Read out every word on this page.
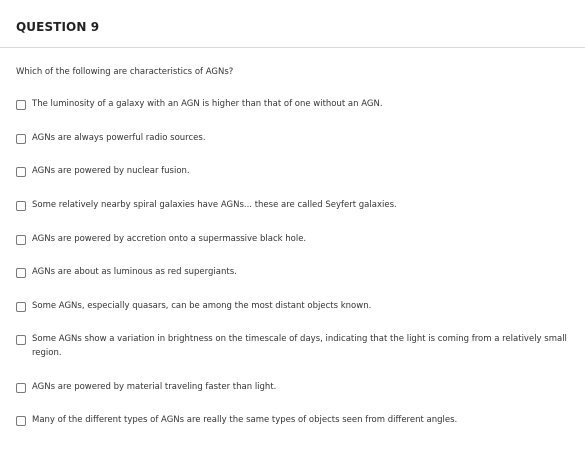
QUESTION 9
Which of the following are characteristics of AGNs?
The luminosity of a galaxy with an AGN is higher than that of one without an AGN.
AGNs are always powerful radio sources.
AGNs are powered by nuclear fusion.
Some relatively nearby spiral galaxies have AGNs... these are called Seyfert galaxies.
AGNs are powered by accretion onto a supermassive black hole.
AGNs are about as luminous as red supergiants.
Some AGNs, especially quasars, can be among the most distant objects known.
Some AGNs show a variation in brightness on the timescale of days, indicating that the light is coming from a relatively small region.
AGNs are powered by material traveling faster than light.
Many of the different types of AGNs are really the same types of objects seen from different angles.
